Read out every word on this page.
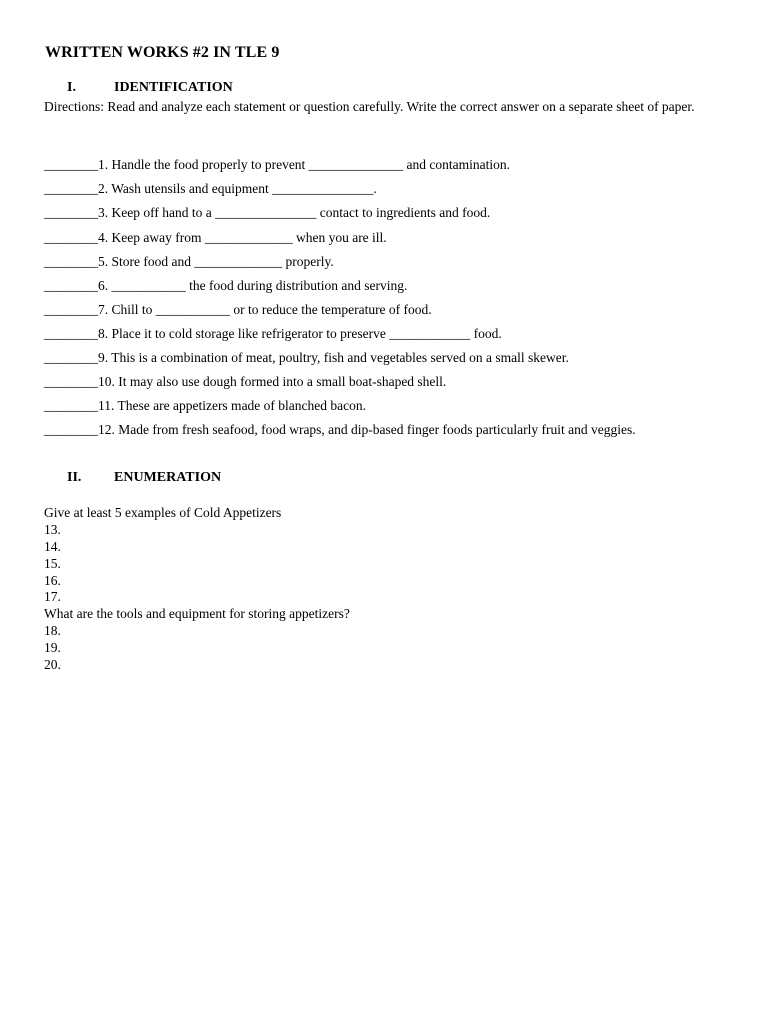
WRITTEN WORKS #2 IN TLE 9
I.	IDENTIFICATION
Directions: Read and analyze each statement or question carefully. Write the correct answer on a separate sheet of paper.
________1. Handle the food properly to prevent ______________ and contamination.
________2. Wash utensils and equipment _______________.
________3. Keep off hand to a _______________ contact to ingredients and food.
________4. Keep away from _____________ when you are ill.
________5. Store food and _____________ properly.
________6. ___________ the food during distribution and serving.
________7. Chill to ___________ or to reduce the temperature of food.
________8. Place it to cold storage like refrigerator to preserve ____________ food.
________9. This is a combination of meat, poultry, fish and vegetables served on a small skewer.
________10. It may also use dough formed into a small boat-shaped shell.
________11. These are appetizers made of blanched bacon.
________12. Made from fresh seafood, food wraps, and dip-based finger foods particularly fruit and veggies.
II. ENUMERATION
Give at least 5 examples of Cold Appetizers
13.
14.
15.
16.
17.
What are the tools and equipment for storing appetizers?
18.
19.
20.
